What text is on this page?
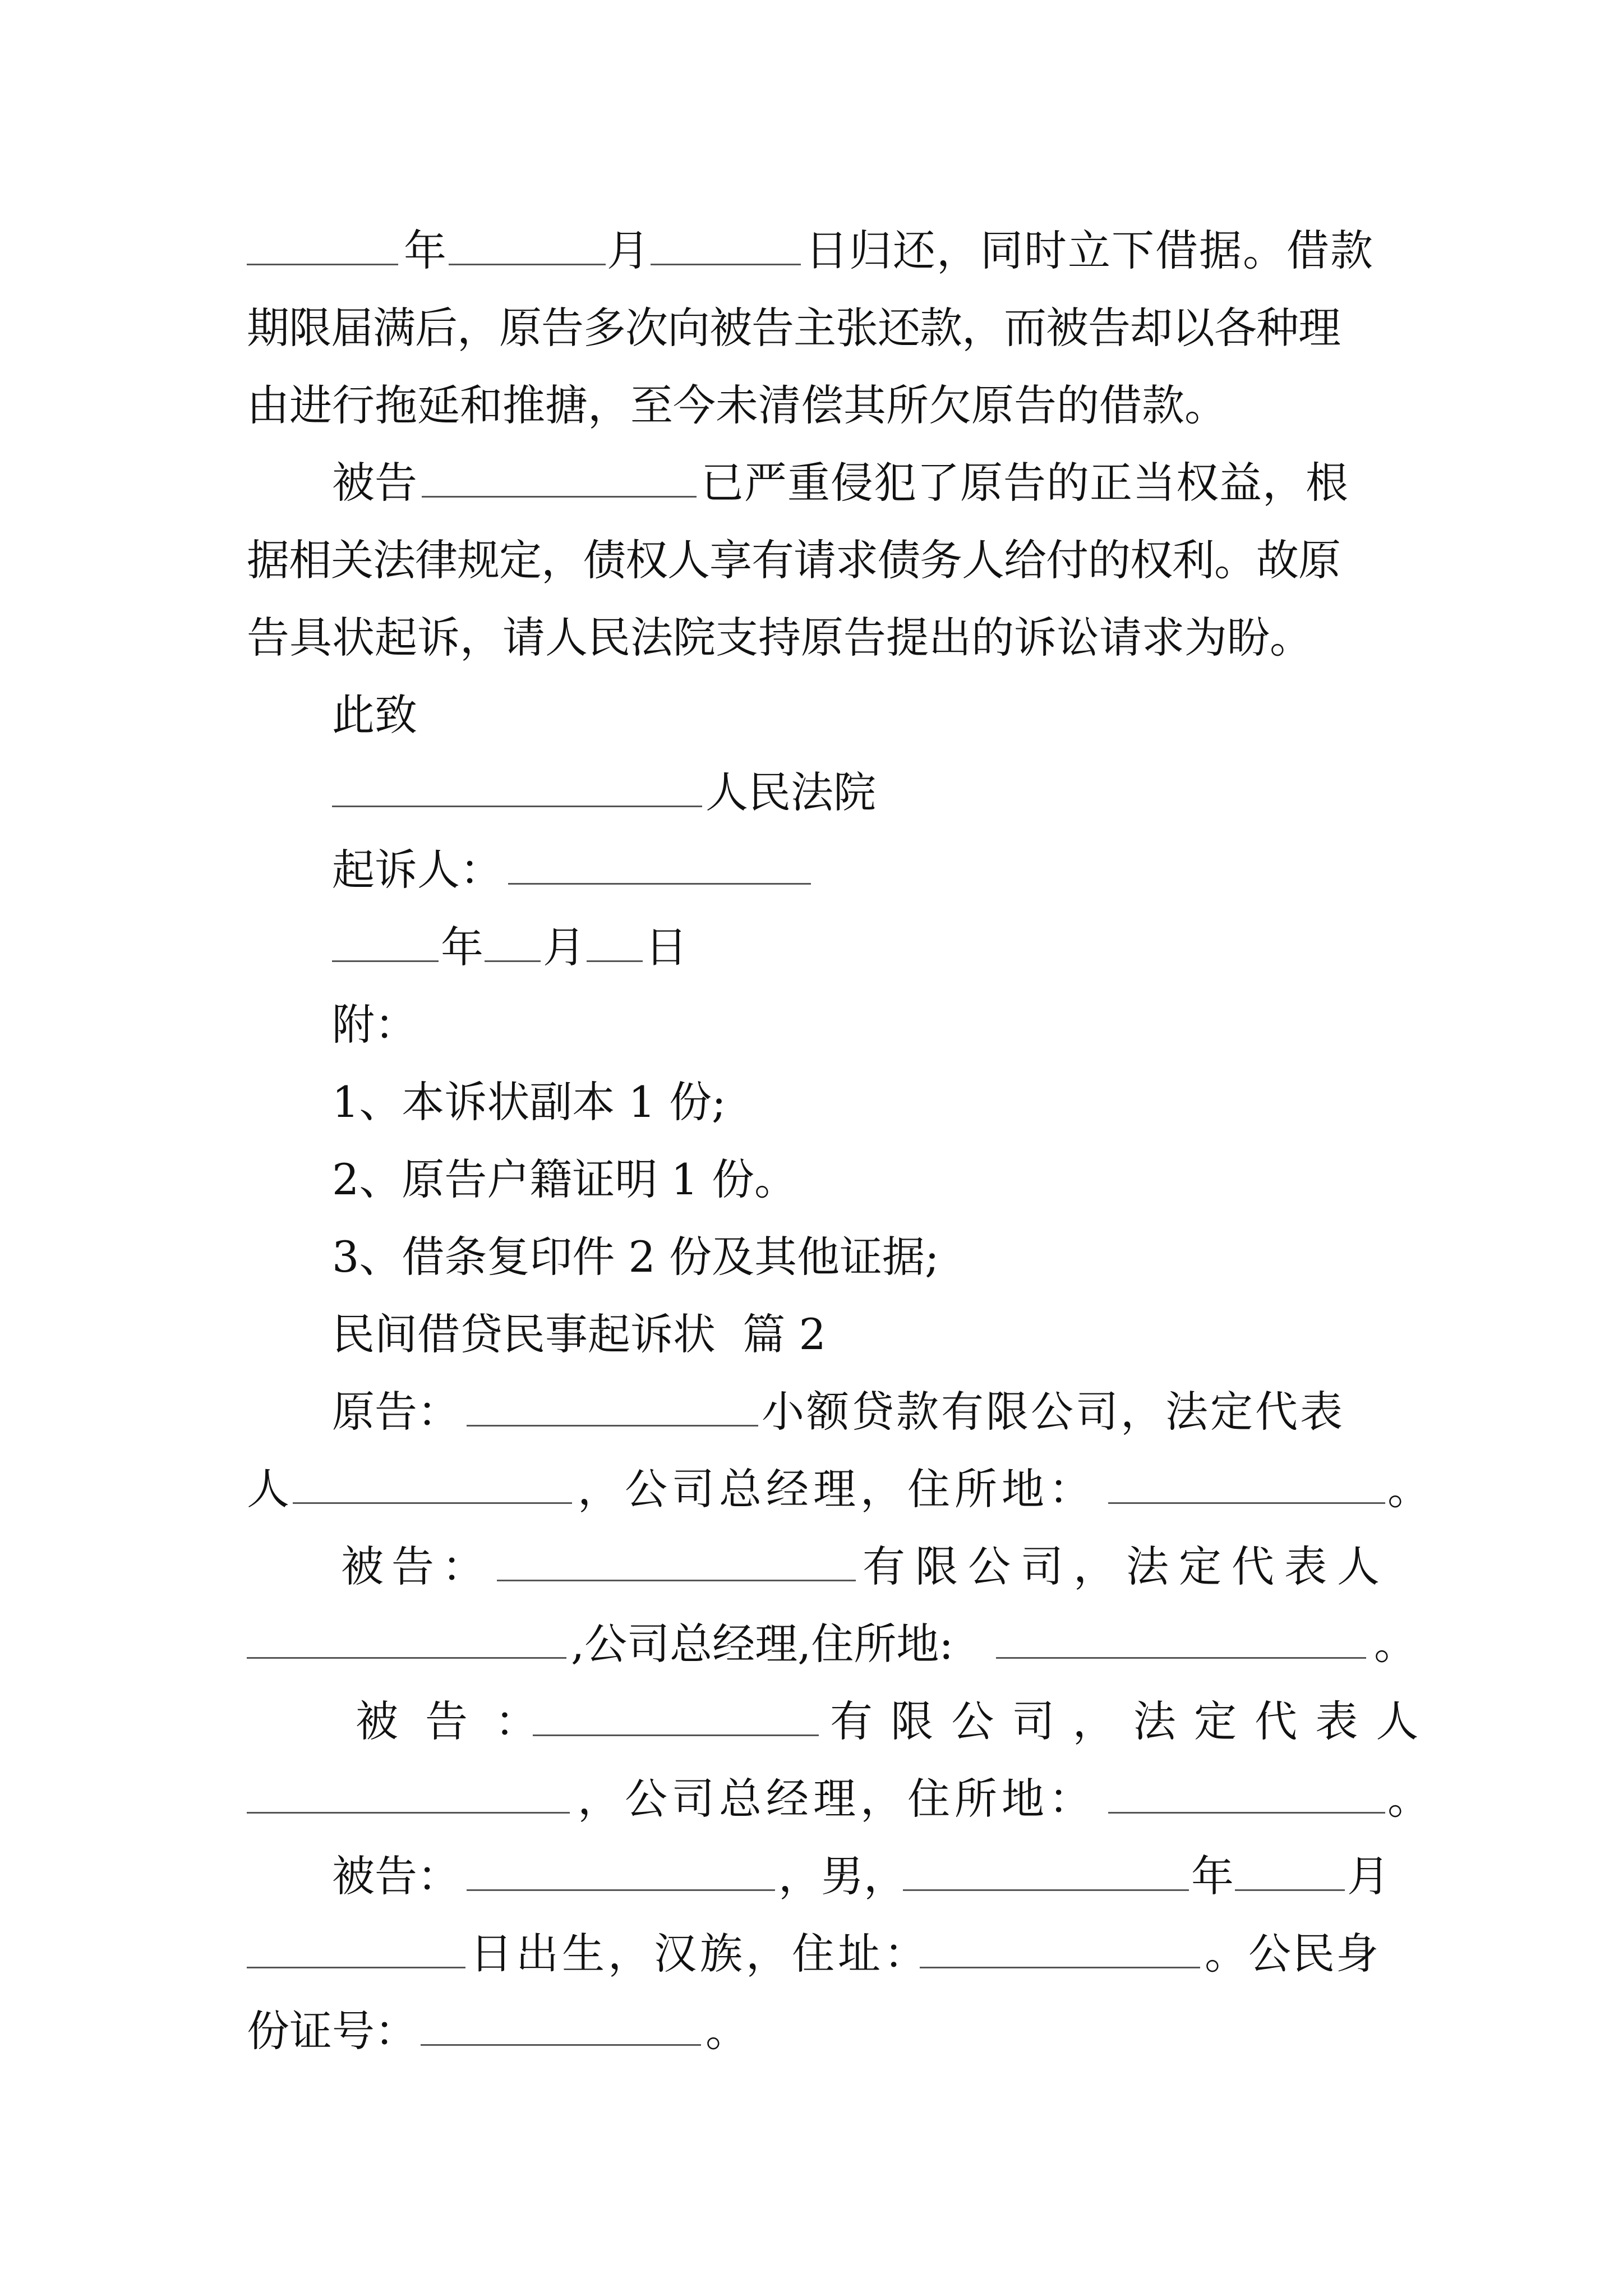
年	月	日归还，同时立下借据。借款
期限届满后，原告多次向被告主张还款，而被告却以各种理
由进行拖延和推搪，至今未清偿其所欠原告的借款。
被告	已严重侵犯了原告的正当权益，根
据相关法律规定，债权人享有请求债务人给付的权利。故原
告具状起诉，请人民法院支持原告提出的诉讼请求为盼。
此致
人民法院
起诉人：
年 月 日
附：
1、本诉状副本 1 份;
2、原告户籍证明 1 份。
3、借条复印件 2 份及其他证据;
民间借贷民事起诉状  篇 2
原告：	小额贷款有限公司，法定代表
人	，公司总经理，住所地：	。
被告：	有限公司，法定代表人
,公司总经理,住所地:	。
被 告 ：	有 限 公 司 ， 法 定 代 表 人
，公司总经理，住所地：	。
被告：	，男，	年	月
日出生，汉族，住址：	。公民身
份证号：	。
